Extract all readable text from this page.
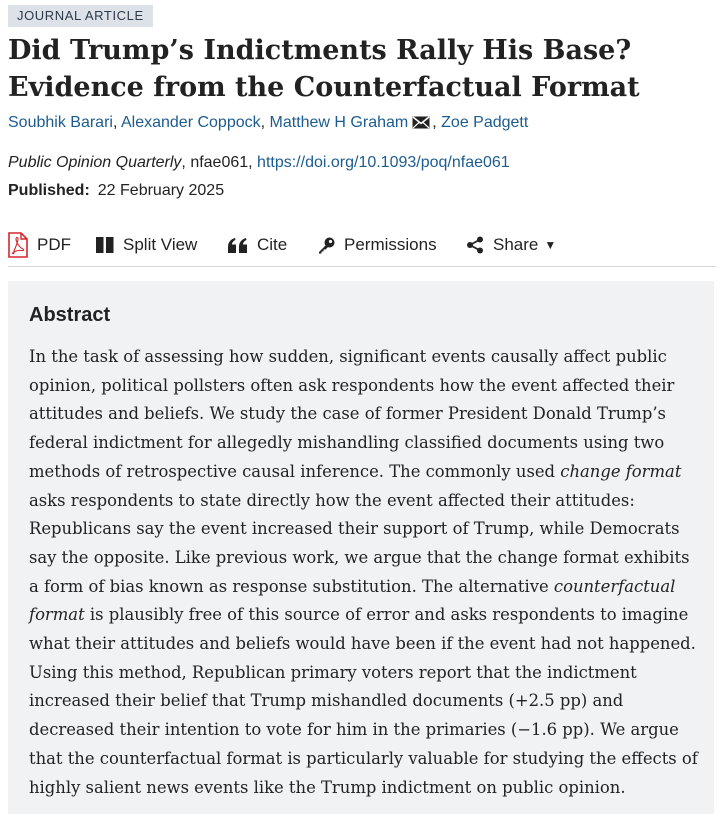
JOURNAL ARTICLE
Did Trump’s Indictments Rally His Base? Evidence from the Counterfactual Format
Soubhik Barari, Alexander Coppock, Matthew H Graham , Zoe Padgett
Public Opinion Quarterly, nfae061, https://doi.org/10.1093/poq/nfae061
Published: 22 February 2025
PDF	Split View	Cite	Permissions	Share ▼
Abstract

In the task of assessing how sudden, significant events causally affect public opinion, political pollsters often ask respondents how the event affected their attitudes and beliefs. We study the case of former President Donald Trump’s federal indictment for allegedly mishandling classified documents using two methods of retrospective causal inference. The commonly used change format asks respondents to state directly how the event affected their attitudes: Republicans say the event increased their support of Trump, while Democrats say the opposite. Like previous work, we argue that the change format exhibits a form of bias known as response substitution. The alternative counterfactual format is plausibly free of this source of error and asks respondents to imagine what their attitudes and beliefs would have been if the event had not happened. Using this method, Republican primary voters report that the indictment increased their belief that Trump mishandled documents (+2.5 pp) and decreased their intention to vote for him in the primaries (−1.6 pp). We argue that the counterfactual format is particularly valuable for studying the effects of highly salient news events like the Trump indictment on public opinion.
